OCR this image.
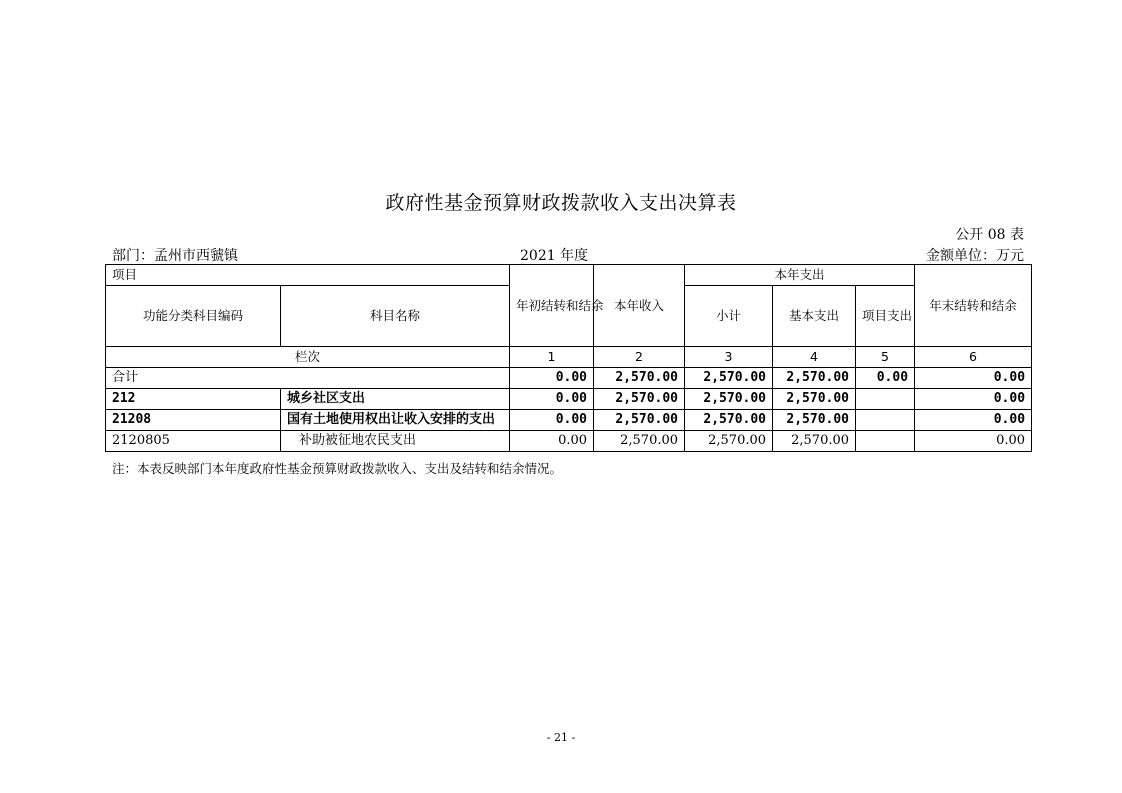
政府性基金预算财政拨款收入支出决算表
公开 08 表
部门：孟州市西虢镇	2021 年度	金额单位：万元
项目		年初结转和结余	本年收入	本年支出			年末结转和结余
功能分类科目编码	科目名称			小计	基本支出	项目支出	
栏次		1	2	3	4	5	6
合计		0.00	2,570.00	2,570.00	2,570.00	0.00	0.00
212	城乡社区支出	0.00	2,570.00	2,570.00	2,570.00		0.00
21208	国有土地使用权出让收入安排的支出	0.00	2,570.00	2,570.00	2,570.00		0.00
2120805	补助被征地农民支出	0.00	2,570.00	2,570.00	2,570.00		0.00
注：本表反映部门本年度政府性基金预算财政拨款收入、支出及结转和结余情况。
- 21 -
